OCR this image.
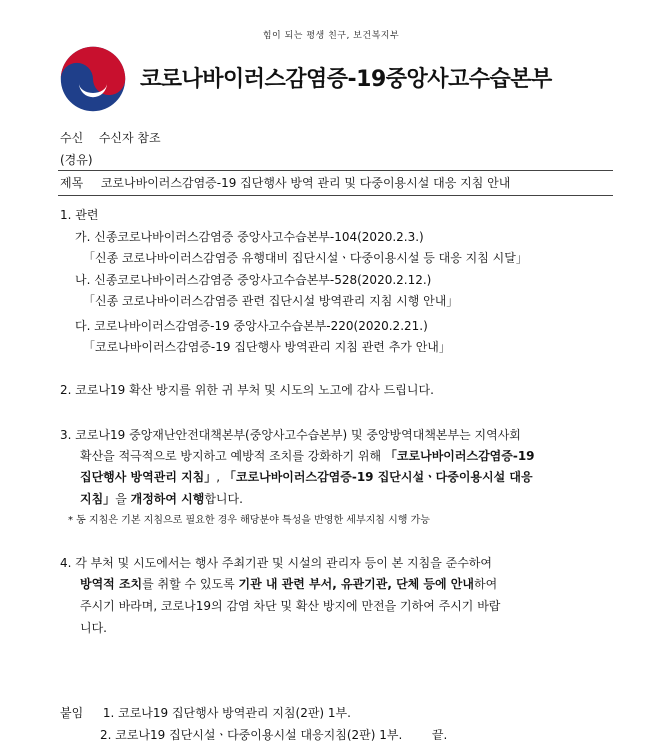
힘이 되는 평생 친구, 보건복지부
코로나바이러스감염증-19중앙사고수습본부
수신 수신자 참조
(경유)
제목 코로나바이러스감염증-19 집단행사 방역 관리 및 다중이용시설 대응 지침 안내
1. 관련
가. 신종코로나바이러스감염증 중앙사고수습본부-104(2020.2.3.)
「신종 코로나바이러스감염증 유행대비 집단시설ㆍ다중이용시설 등 대응 지침 시달」
나. 신종코로나바이러스감염증 중앙사고수습본부-528(2020.2.12.)
「신종 코로나바이러스감염증 관련 집단시설 방역관리 지침 시행 안내」
다. 코로나바이러스감염증-19 중앙사고수습본부-220(2020.2.21.)
「코로나바이러스감염증-19 집단행사 방역관리 지침 관련 추가 안내」
2. 코로나19 확산 방지를 위한 귀 부처 및 시도의 노고에 감사 드립니다.
3. 코로나19 중앙재난안전대책본부(중앙사고수습본부) 및 중앙방역대책본부는 지역사회
확산을 적극적으로 방지하고 예방적 조치를 강화하기 위해 「코로나바이러스감염증-19
집단행사 방역관리 지침」, 「코로나바이러스감염증-19 집단시설ㆍ다중이용시설 대응
지침」을 개정하여 시행합니다.
* 동 지침은 기본 지침으로 필요한 경우 해당분야 특성을 반영한 세부지침 시행 가능
4. 각 부처 및 시도에서는 행사 주최기관 및 시설의 관리자 등이 본 지침을 준수하여
방역적 조치를 취할 수 있도록 기관 내 관련 부서, 유관기관, 단체 등에 안내하여
주시기 바라며, 코로나19의 감염 차단 및 확산 방지에 만전을 기하여 주시기 바랍
니다.
붙임 1. 코로나19 집단행사 방역관리 지침(2판) 1부.
2. 코로나19 집단시설ㆍ다중이용시설 대응지침(2판) 1부. 끝.
